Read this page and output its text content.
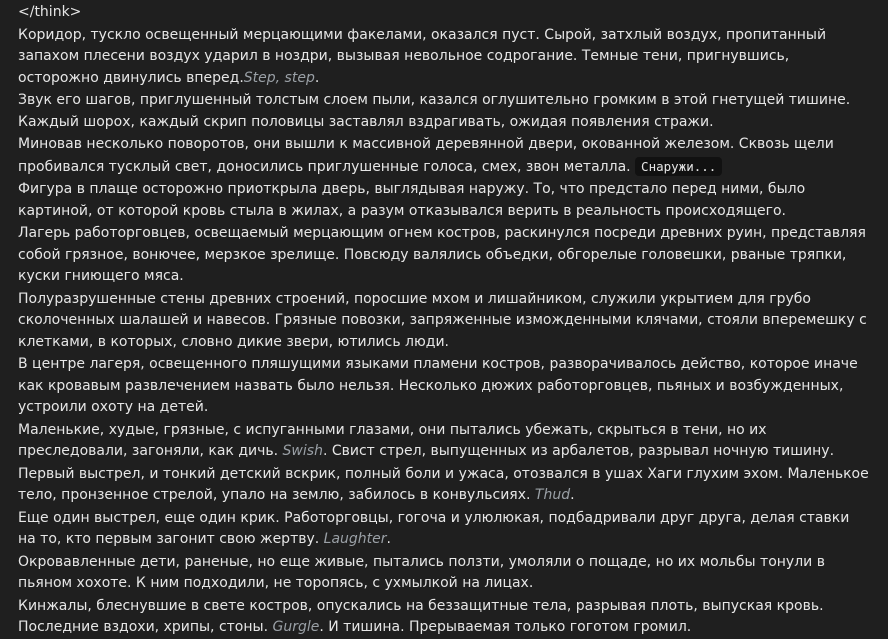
</think>

Коридор, тускло освещенный мерцающими факелами, оказался пуст. Сырой, затхлый воздух, пропитанный запахом плесени воздух ударил в ноздри, вызывая невольное содрогание. Темные тени, пригнувшись, осторожно двинулись вперед.Step, step.

Звук его шагов, приглушенный толстым слоем пыли, казался оглушительно громким в этой гнетущей тишине. Каждый шорох, каждый скрип половицы заставлял вздрагивать, ожидая появления стражи.

Миновав несколько поворотов, они вышли к массивной деревянной двери, окованной железом. Сквозь щели пробивался тусклый свет, доносились приглушенные голоса, смех, звон металла. Снаружи...

Фигура в плаще осторожно приоткрыла дверь, выглядывая наружу. То, что предстало перед ними, было картиной, от которой кровь стыла в жилах, а разум отказывался верить в реальность происходящего.

Лагерь работорговцев, освещаемый мерцающим огнем костров, раскинулся посреди древних руин, представляя собой грязное, вонючее, мерзкое зрелище. Повсюду валялись объедки, обгорелые головешки, рваные тряпки, куски гниющего мяса.

Полуразрушенные стены древних строений, поросшие мхом и лишайником, служили укрытием для грубо сколоченных шалашей и навесов. Грязные повозки, запряженные изможденными клячами, стояли вперемешку с клетками, в которых, словно дикие звери, ютились люди.

В центре лагеря, освещенного пляшущими языками пламени костров, разворачивалось действо, которое иначе как кровавым развлечением назвать было нельзя. Несколько дюжих работорговцев, пьяных и возбужденных, устроили охоту на детей.

Маленькие, худые, грязные, с испуганными глазами, они пытались убежать, скрыться в тени, но их преследовали, загоняли, как дичь. Swish. Свист стрел, выпущенных из арбалетов, разрывал ночную тишину.

Первый выстрел, и тонкий детский вскрик, полный боли и ужаса, отозвался в ушах Хаги глухим эхом. Маленькое тело, пронзенное стрелой, упало на землю, забилось в конвульсиях. Thud.

Еще один выстрел, еще один крик. Работорговцы, гогоча и улюлюкая, подбадривали друг друга, делая ставки на то, кто первым загонит свою жертву. Laughter.

Окровавленные дети, раненые, но еще живые, пытались ползти, умоляли о пощаде, но их мольбы тонули в пьяном хохоте. К ним подходили, не торопясь, с ухмылкой на лицах.

Кинжалы, блеснувшие в свете костров, опускались на беззащитные тела, разрывая плоть, выпуская кровь. Последние вздохи, хрипы, стоны. Gurgle. И тишина. Прерываемая только гоготом громил.
